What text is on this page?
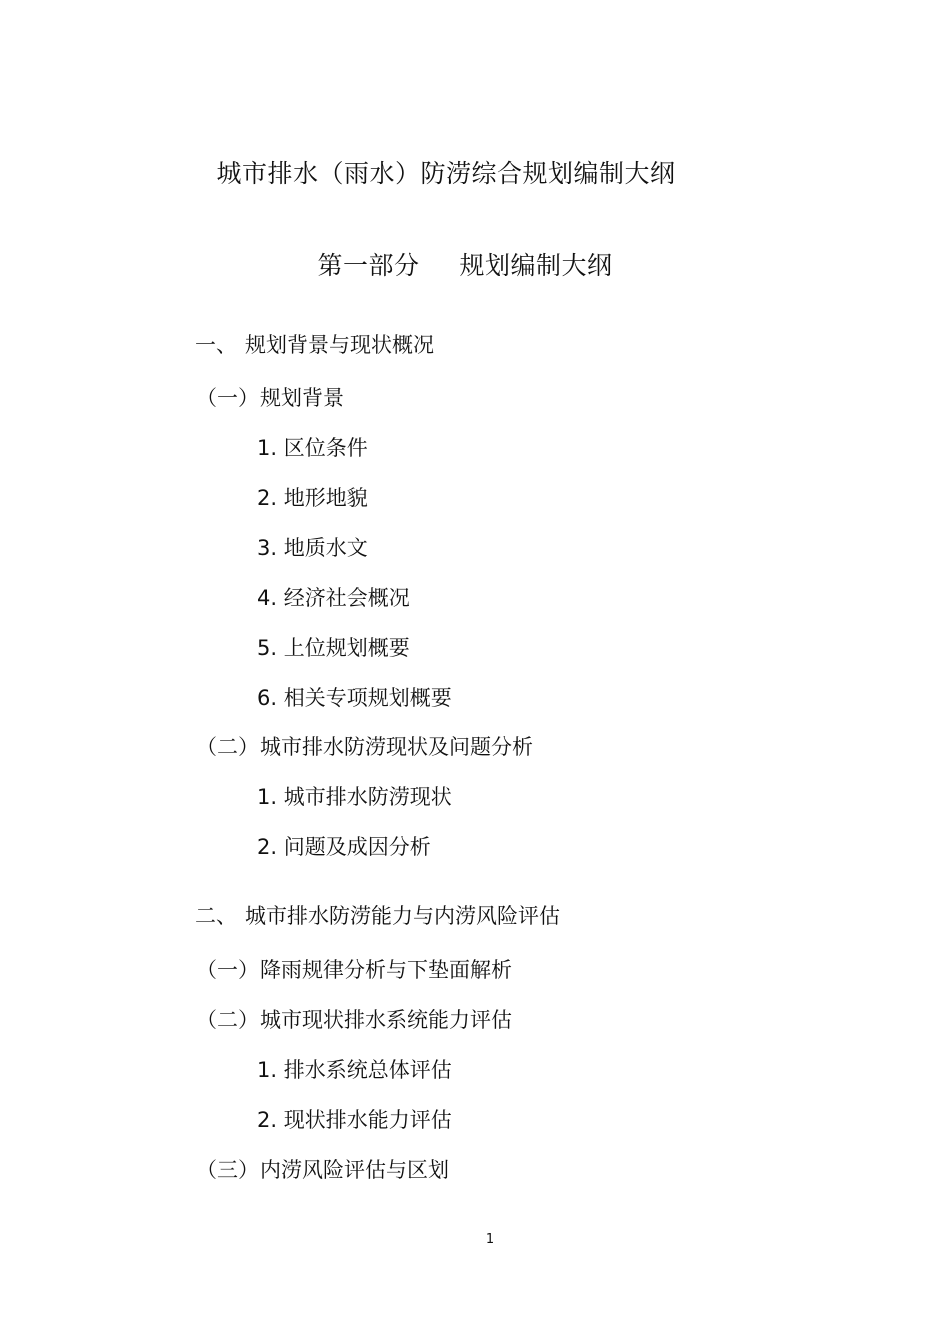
城市排水（雨水）防涝综合规划编制大纲
第一部分 规划编制大纲
一、 规划背景与现状概况
（一）规划背景
1. 区位条件
2. 地形地貌
3. 地质水文
4. 经济社会概况
5. 上位规划概要
6. 相关专项规划概要
（二）城市排水防涝现状及问题分析
1. 城市排水防涝现状
2. 问题及成因分析
二、 城市排水防涝能力与内涝风险评估
（一）降雨规律分析与下垫面解析
（二）城市现状排水系统能力评估
1. 排水系统总体评估
2. 现状排水能力评估
（三）内涝风险评估与区划
1
